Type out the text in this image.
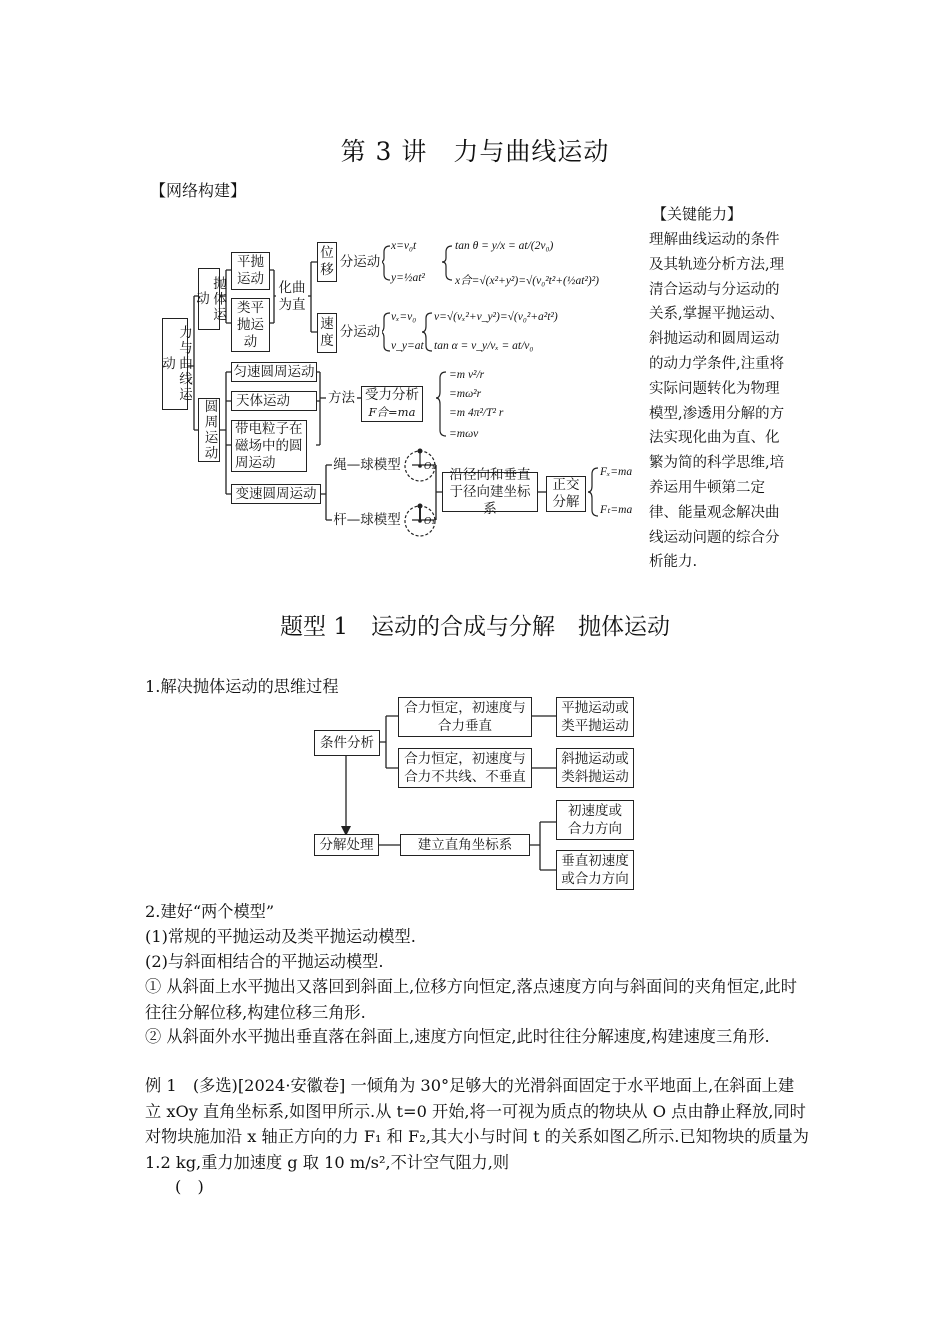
第 3 讲　力与曲线运动
【网络构建】
【关键能力】
理解曲线运动的条件及其轨迹分析方法,理清合运动与分运动的关系,掌握平抛运动、斜抛运动和圆周运动的动力学条件,注重将实际问题转化为物理模型,渗透用分解的方法实现化曲为直、化繁为简的科学思维,培养运用牛顿第二定律、能量观念解决曲线运动问题的综合分析能力.
力与曲线运动
抛体运动
平抛运动
类平抛运动
化曲为直
位移
速度
分运动
分运动
圆周运动
匀速圆周运动
天体运动
带电粒子在磁场中的圆周运动
变速圆周运动
方法 受力分析
F合=ma
绳—球模型
杆—球模型
O₁
O₁
沿径向和垂直于径向建坐标系
正交分解
x=v₀t
y=½at²
tan θ = y/x = at/(2v₀)
x合=√(x²+y²)=√(v₀²t²+(½at²)²)
vₓ=v₀
v_y=at
v=√(vₓ²+v_y²)=√(v₀²+a²t²)
tan α = v_y/vₓ = at/v₀
=m v²/r
=mω²r
=m 4π²/T² r
=mωv
Fₓ=ma
Fₜ=ma
题型 1　运动的合成与分解　抛体运动
1.解决抛体运动的思维过程
条件分析
分解处理
合力恒定，初速度与合力垂直
合力恒定，初速度与合力不共线、不垂直
平抛运动或类平抛运动
斜抛运动或类斜抛运动
建立直角坐标系
初速度或合力方向
垂直初速度或合力方向
2.建好“两个模型”
(1)常规的平抛运动及类平抛运动模型.
(2)与斜面相结合的平抛运动模型.
① 从斜面上水平抛出又落回到斜面上,位移方向恒定,落点速度方向与斜面间的夹角恒定,此时往往分解位移,构建位移三角形.
② 从斜面外水平抛出垂直落在斜面上,速度方向恒定,此时往往分解速度,构建速度三角形.
例 1　(多选)[2024·安徽卷] 一倾角为 30°足够大的光滑斜面固定于水平地面上,在斜面上建立 xOy 直角坐标系,如图甲所示.从 t=0 开始,将一可视为质点的物块从 O 点由静止释放,同时对物块施加沿 x 轴正方向的力 F₁ 和 F₂,其大小与时间 t 的关系如图乙所示.已知物块的质量为 1.2 kg,重力加速度 g 取 10 m/s²,不计空气阻力,则
(　)
